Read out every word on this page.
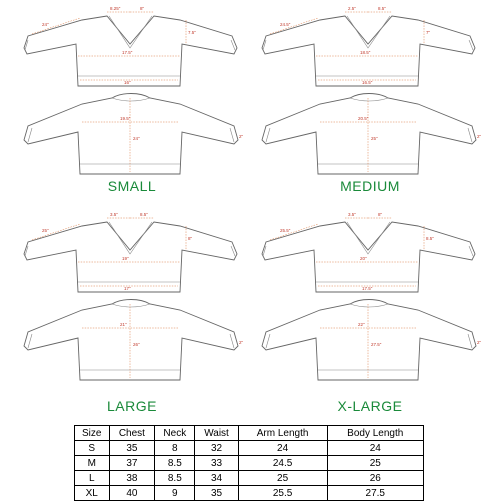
8.25"	8"
24"
7.5"
17.5"
16"
19.5"
24"	2"
SMALL
2.5"	8.5"
24.5"
7"
18.5"
16.5"
20.5"
25"	2"
MEDIUM
3.5"	8.5"
25"
8"
19"
17"
21"
26"	2"
LARGE
3.5"	8"
25.5"
8.5"
20"
17.5"
22"
27.5"	2"
X-LARGE
Size	Chest	Neck	Waist	Arm Length	Body Length
S	35	8	32	24	24
M	37	8.5	33	24.5	25
L	38	8.5	34	25	26
XL	40	9	35	25.5	27.5
